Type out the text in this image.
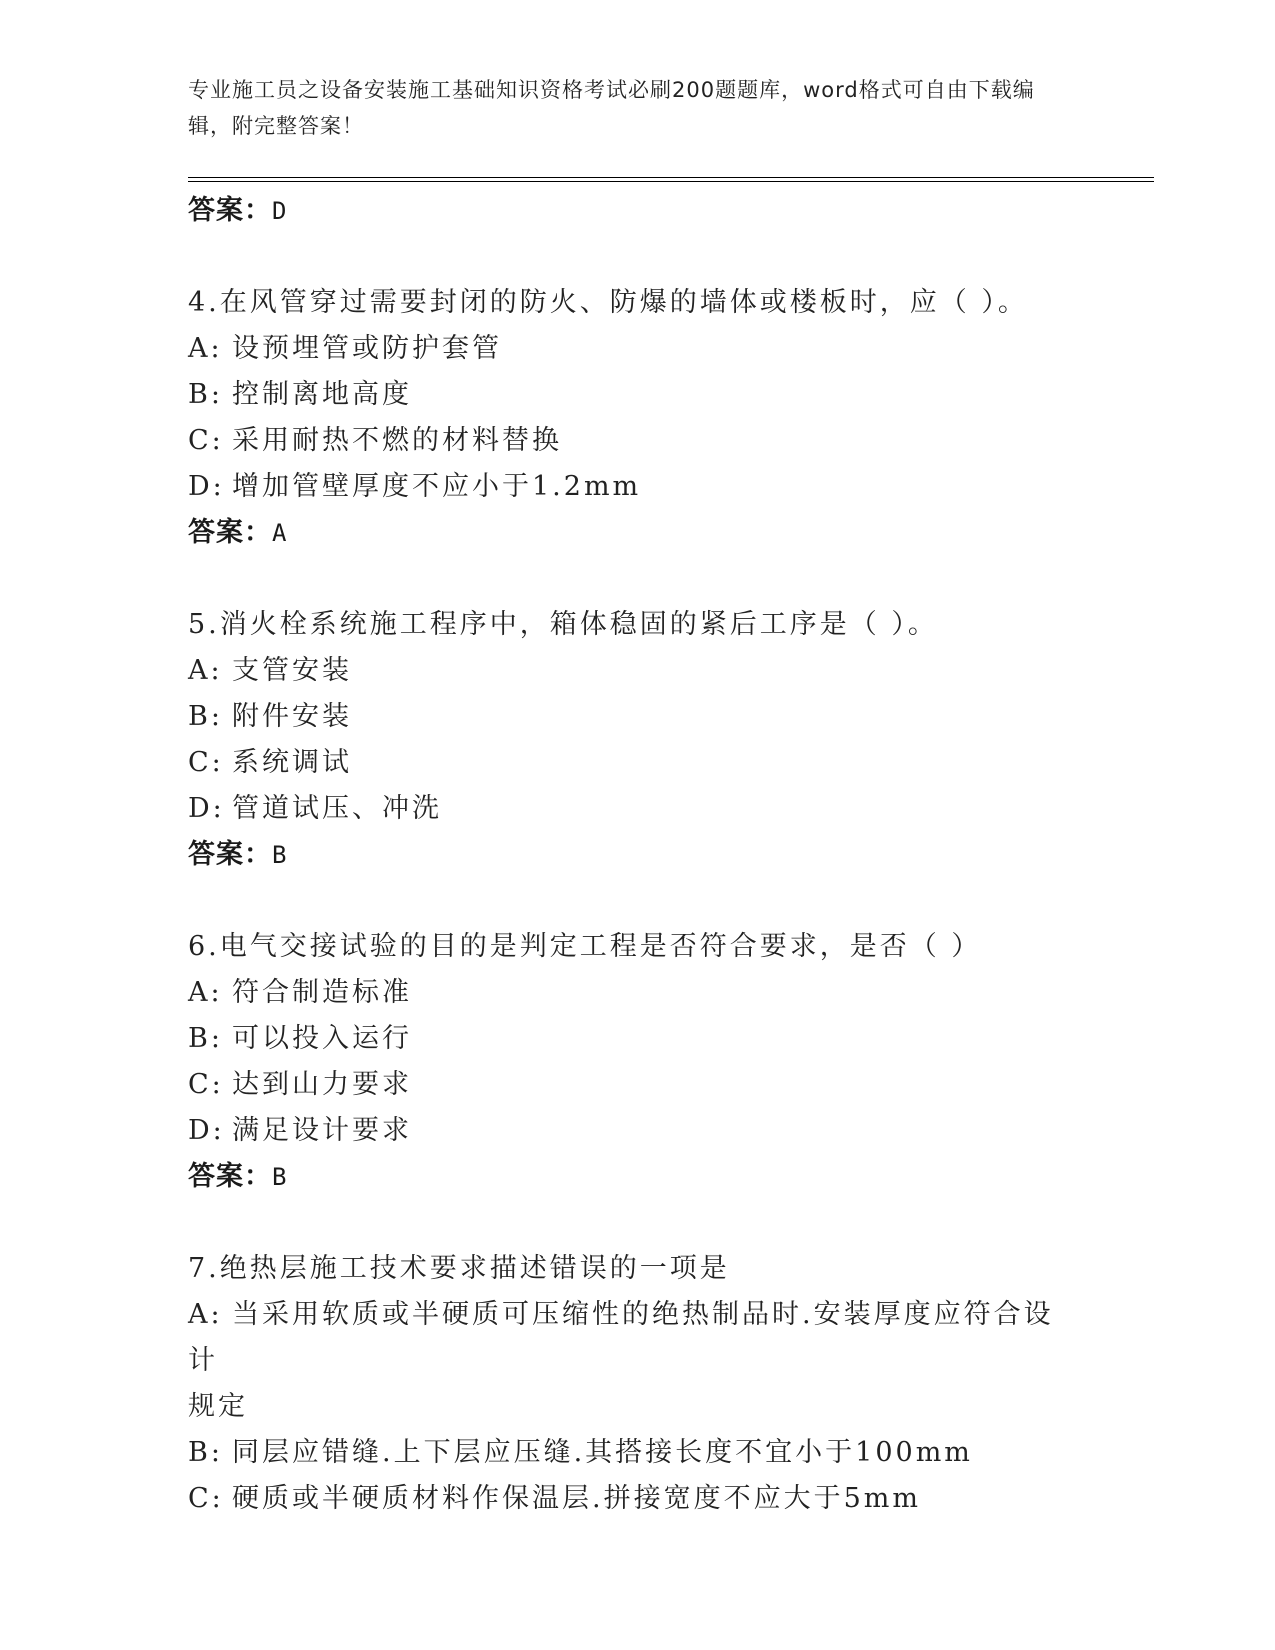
专业施工员之设备安装施工基础知识资格考试必刷200题题库，word格式可自由下载编辑，附完整答案！
答案：D
4.在风管穿过需要封闭的防火、防爆的墙体或楼板时，应（ ）。
A: 设预埋管或防护套管
B: 控制离地高度
C: 采用耐热不燃的材料替换
D: 增加管壁厚度不应小于1.2mm
答案：A
5.消火栓系统施工程序中，箱体稳固的紧后工序是（ ）。
A: 支管安装
B: 附件安装
C: 系统调试
D: 管道试压、冲洗
答案：B
6.电气交接试验的目的是判定工程是否符合要求，是否（ ）
A: 符合制造标准
B: 可以投入运行
C: 达到山力要求
D: 满足设计要求
答案：B
7.绝热层施工技术要求描述错误的一项是
A: 当采用软质或半硬质可压缩性的绝热制品时.安装厚度应符合设计
规定
B: 同层应错缝.上下层应压缝.其搭接长度不宜小于100mm
C: 硬质或半硬质材料作保温层.拼接宽度不应大于5mm
